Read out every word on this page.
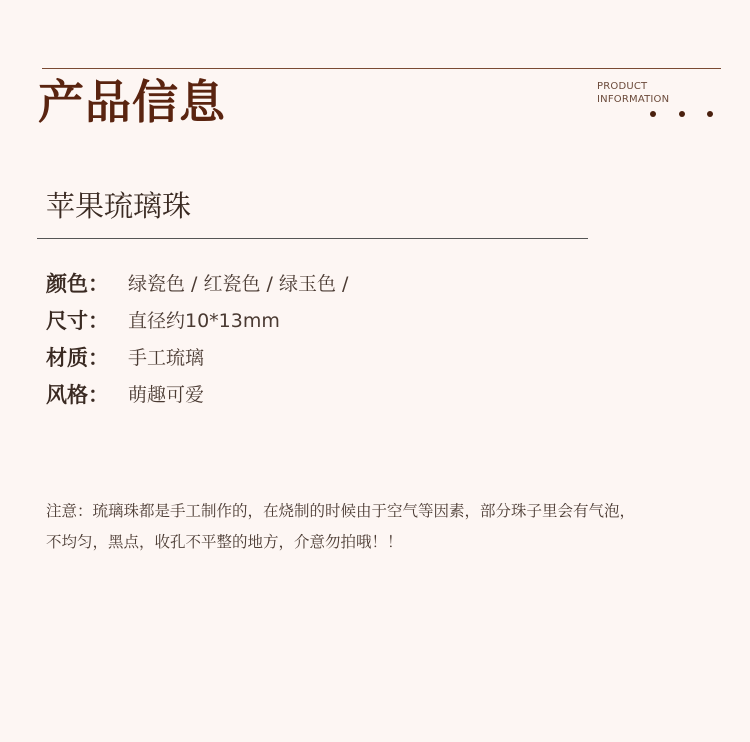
产品信息	PRODUCT
INFORMATION
苹果琉璃珠
颜色：	绿瓷色 / 红瓷色 / 绿玉色 /
尺寸：	直径约10*13mm
材质：	手工琉璃
风格：	萌趣可爱
注意：琉璃珠都是手工制作的，在烧制的时候由于空气等因素，部分珠子里会有气泡，
不均匀，黑点，收孔不平整的地方，介意勿拍哦！！
